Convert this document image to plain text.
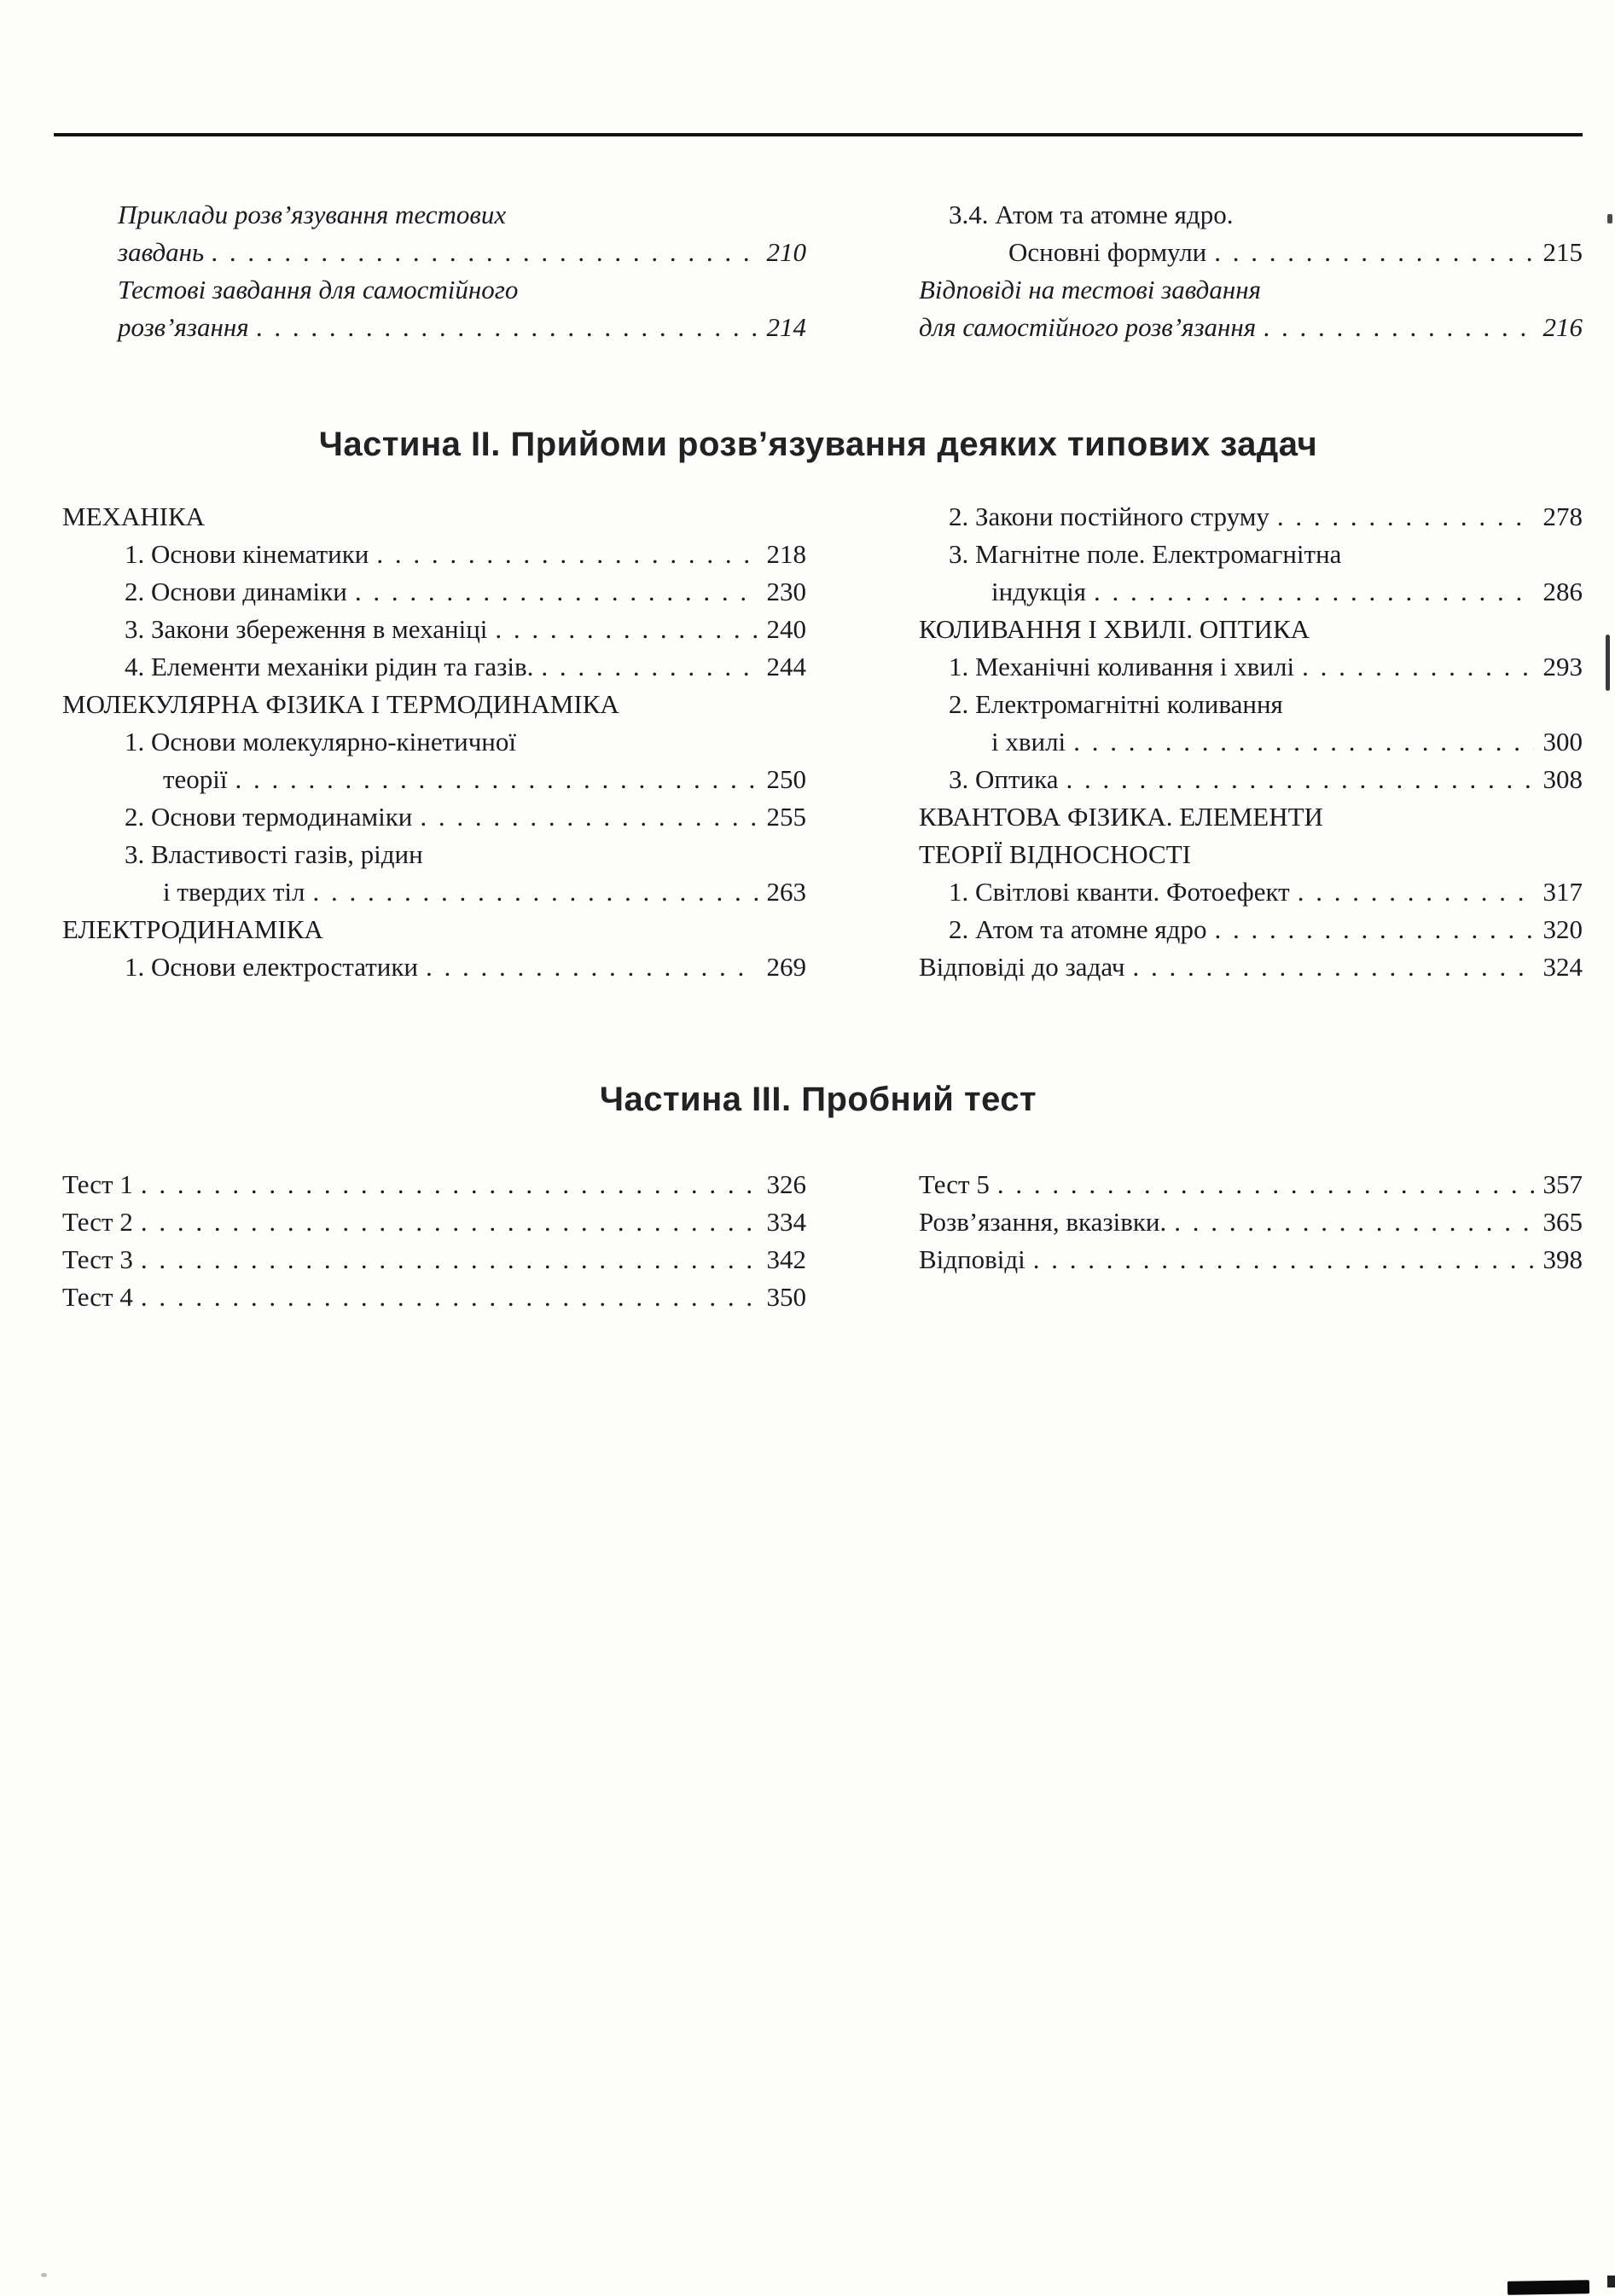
Приклади розв’язування тестових
завдань . . .	210
Тестові завдання для самостійного
розв’язання . . .	214
3.4. Атом та атомне ядро.
Основні формули . . .	215
Відповіді на тестові завдання
для самостійного розв’язання . . .	216
Частина II. Прийоми розв’язування деяких типових задач
МЕХАНІКА
1. Основи кінематики . . .	218
2. Основи динаміки . . .	230
3. Закони збереження в механіці . . .	240
4. Елементи механіки рідин та газів. . . .	244
МОЛЕКУЛЯРНА ФІЗИКА І ТЕРМОДИНАМІКА
1. Основи молекулярно-кінетичної
теорії . . .	250
2. Основи термодинаміки . . .	255
3. Властивості газів, рідин
і твердих тіл . . .	263
ЕЛЕКТРОДИНАМІКА
1. Основи електростатики . . .	269
2. Закони постійного струму . . .	278
3. Магнітне поле. Електромагнітна
індукція . . .	286
КОЛИВАННЯ І ХВИЛІ. ОПТИКА
1. Механічні коливання і хвилі . . .	293
2. Електромагнітні коливання
і хвилі . . .	300
3. Оптика . . .	308
КВАНТОВА ФІЗИКА. ЕЛЕМЕНТИ
ТЕОРІЇ ВІДНОСНОСТІ
1. Світлові кванти. Фотоефект . . .	317
2. Атом та атомне ядро . . .	320
Відповіді до задач . . .	324
Частина III. Пробний тест
Тест 1 . . .	326
Тест 2 . . .	334
Тест 3 . . .	342
Тест 4 . . .	350
Тест 5 . . .	357
Розв’язання, вказівки. . . .	365
Відповіді . . .	398
